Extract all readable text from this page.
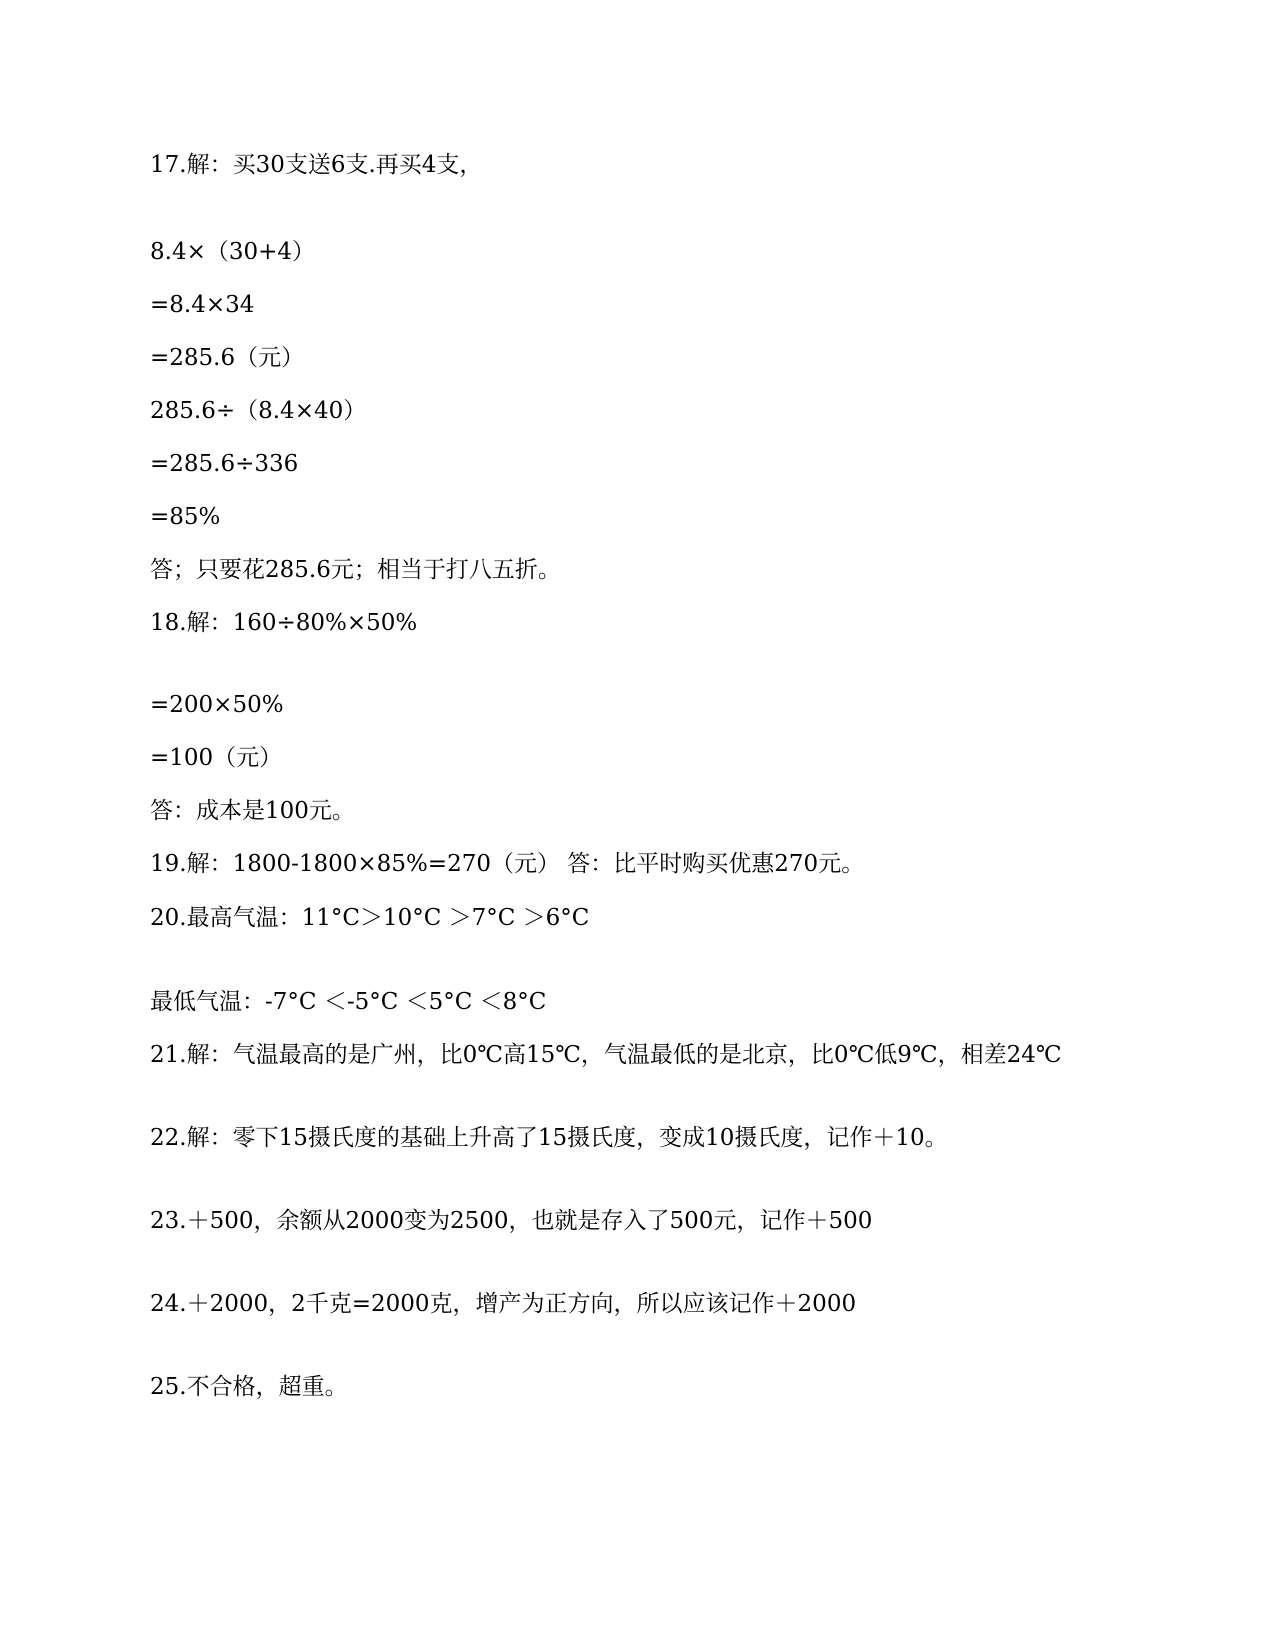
17.解：买30支送6支.再买4支，
8.4×（30+4）
=8.4×34
=285.6（元）
285.6÷（8.4×40）
=285.6÷336
=85%
答；只要花285.6元；相当于打八五折。
18.解：160÷80%×50%
=200×50%
=100（元）
答：成本是100元。
19.解：1800-1800×85%=270（元） 答：比平时购买优惠270元。
20.最高气温：11°C＞10°C ＞7°C ＞6°C
最低气温：-7°C ＜-5°C ＜5°C ＜8°C
21.解：气温最高的是广州，比0℃高15℃，气温最低的是北京，比0℃低9℃，相差24℃
22.解：零下15摄氏度的基础上升高了15摄氏度，变成10摄氏度，记作＋10。
23.＋500，余额从2000变为2500，也就是存入了500元，记作＋500
24.＋2000，2千克=2000克，增产为正方向，所以应该记作＋2000
25.不合格，超重。
